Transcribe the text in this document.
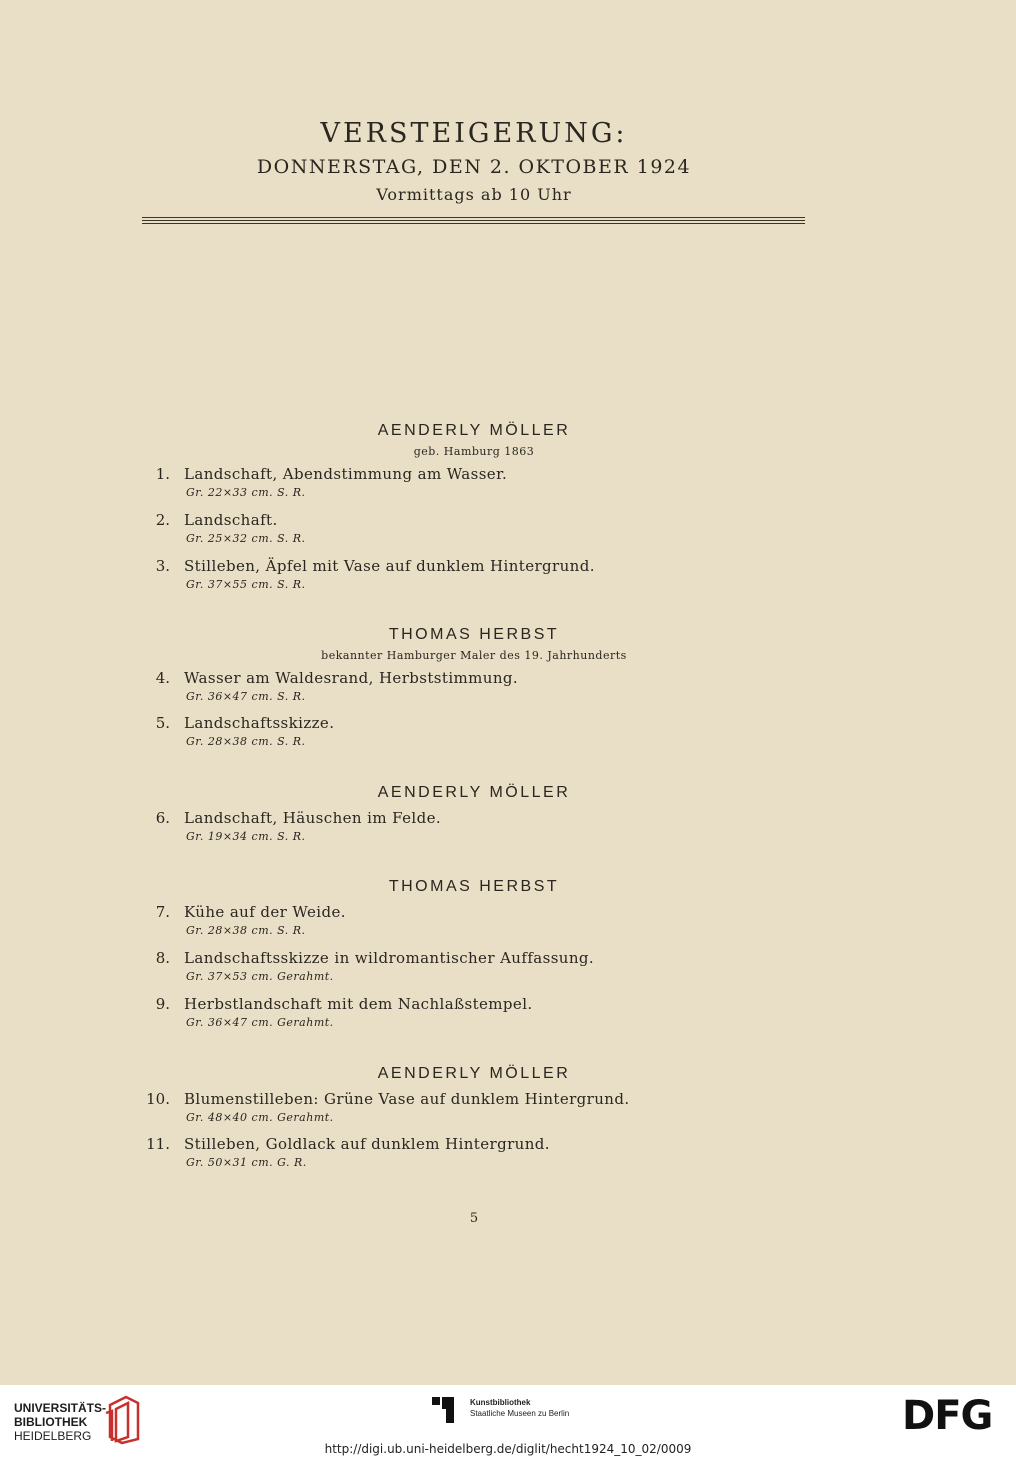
VERSTEIGERUNG:
DONNERSTAG, DEN 2. OKTOBER 1924
Vormittags ab 10 Uhr
AENDERLY MÖLLER
geb. Hamburg 1863
1. Landschaft, Abendstimmung am Wasser.
Gr. 22×33 cm. S. R.
2. Landschaft.
Gr. 25×32 cm. S. R.
3. Stilleben, Äpfel mit Vase auf dunklem Hintergrund.
Gr. 37×55 cm. S. R.
THOMAS HERBST
bekannter Hamburger Maler des 19. Jahrhunderts
4. Wasser am Waldesrand, Herbststimmung.
Gr. 36×47 cm. S. R.
5. Landschaftsskizze.
Gr. 28×38 cm. S. R.
AENDERLY MÖLLER
6. Landschaft, Häuschen im Felde.
Gr. 19×34 cm. S. R.
THOMAS HERBST
7. Kühe auf der Weide.
Gr. 28×38 cm. S. R.
8. Landschaftsskizze in wildromantischer Auffassung.
Gr. 37×53 cm. Gerahmt.
9. Herbstlandschaft mit dem Nachlaßstempel.
Gr. 36×47 cm. Gerahmt.
AENDERLY MÖLLER
10. Blumenstilleben: Grüne Vase auf dunklem Hintergrund.
Gr. 48×40 cm. Gerahmt.
11. Stilleben, Goldlack auf dunklem Hintergrund.
Gr. 50×31 cm. G. R.
5
UNIVERSITÄTS-
BIBLIOTHEK
HEIDELBERG
Kunstbibliothek
Staatliche Museen zu Berlin	DFG
http://digi.ub.uni-heidelberg.de/diglit/hecht1924_10_02/0009
